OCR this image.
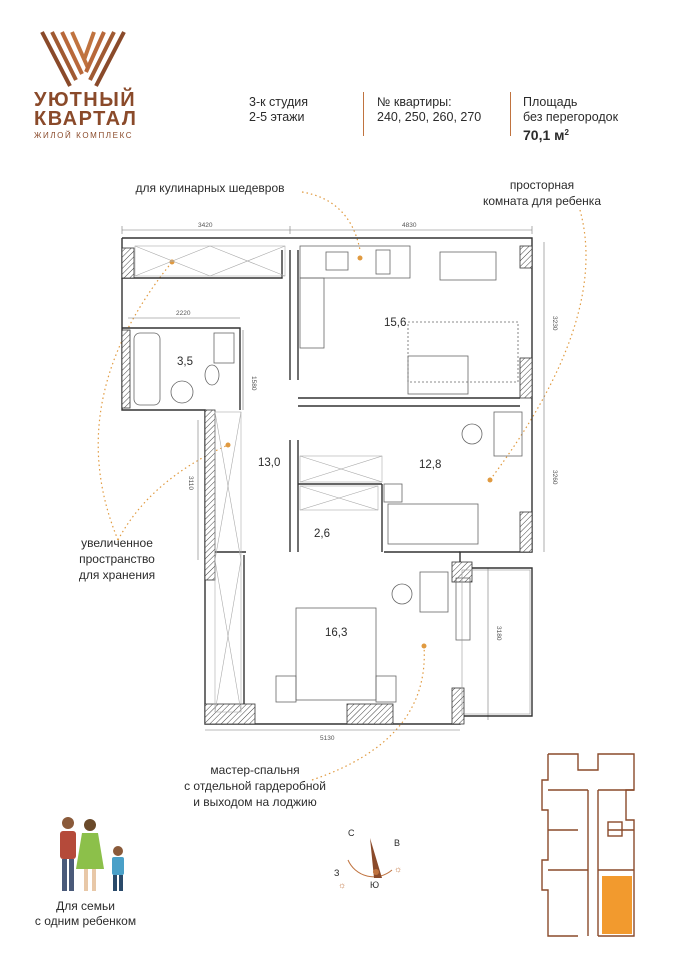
УЮТНЫЙ
КВАРТАЛ
ЖИЛОЙ КОМПЛЕКС
3-к студия
2-5 этажи
№ квартиры:
240, 250, 260, 270
Площадь
без перегородок
70,1 $м^2$
для кулинарных шедевров	просторная
комната для ребенка
увеличенное
пространство
для хранения
мастер-спальня
с отдельной гардеробной
и выходом на лоджию
15,6
3,5
13,0	12,8
2,6
16,3
3420	4830
2220
1580
3110
3230
3260
3180
5130
С
В
З
Ю
☼
☼
Для семьи
с одним ребенком
